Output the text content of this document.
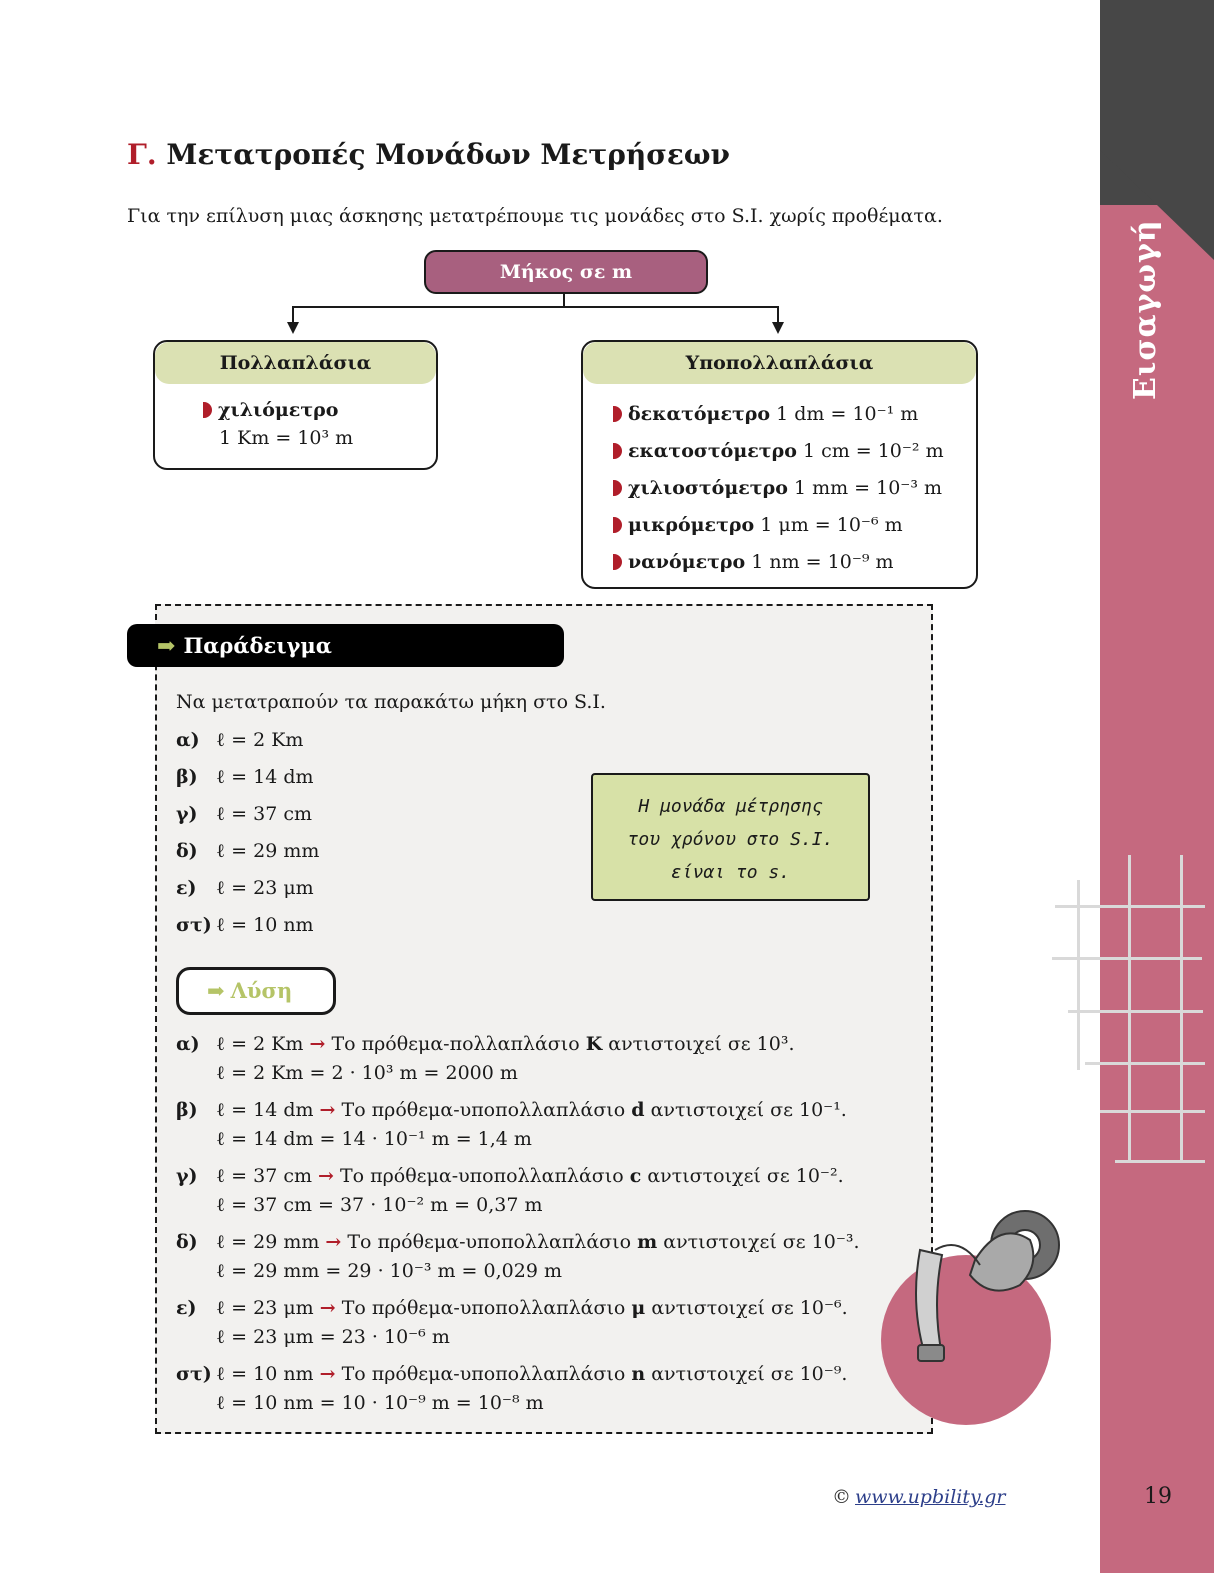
Εισαγωγή
19
Γ. Μετατροπές Μονάδων Μετρήσεων
Για την επίλυση μιας άσκησης μετατρέπουμε τις μονάδες στο S.I. χωρίς προθέματα.
Μήκος σε m
Πολλαπλάσια
χιλιόμετρο
1 Km = 10³ m
Υποπολλαπλάσια
δεκατόμετρο 1 dm = 10⁻¹ m
εκατοστόμετρο 1 cm = 10⁻² m
χιλιοστόμετρο 1 mm = 10⁻³ m
μικρόμετρο 1 μm = 10⁻⁶ m
νανόμετρο 1 nm = 10⁻⁹ m
➡ Παράδειγμα
Να μετατραπούν τα παρακάτω μήκη στο S.I.
α) ℓ = 2 Km
β) ℓ = 14 dm
γ) ℓ = 37 cm
δ) ℓ = 29 mm
ε) ℓ = 23 μm
στ) ℓ = 10 nm
Η μονάδα μέτρησης
του χρόνου στο S.I.
είναι το s.
➡ Λύση
α) ℓ = 2 Km → Το πρόθεμα-πολλαπλάσιο K αντιστοιχεί σε 10³.
ℓ = 2 Km = 2 · 10³ m = 2000 m
β) ℓ = 14 dm → Το πρόθεμα-υποπολλαπλάσιο d αντιστοιχεί σε 10⁻¹.
ℓ = 14 dm = 14 · 10⁻¹ m = 1,4 m
γ) ℓ = 37 cm → Το πρόθεμα-υποπολλαπλάσιο c αντιστοιχεί σε 10⁻².
ℓ = 37 cm = 37 · 10⁻² m = 0,37 m
δ) ℓ = 29 mm → Το πρόθεμα-υποπολλαπλάσιο m αντιστοιχεί σε 10⁻³.
ℓ = 29 mm = 29 · 10⁻³ m = 0,029 m
ε) ℓ = 23 μm → Το πρόθεμα-υποπολλαπλάσιο μ αντιστοιχεί σε 10⁻⁶.
ℓ = 23 μm = 23 · 10⁻⁶ m
στ) ℓ = 10 nm → Το πρόθεμα-υποπολλαπλάσιο n αντιστοιχεί σε 10⁻⁹.
ℓ = 10 nm = 10 · 10⁻⁹ m = 10⁻⁸ m
© www.upbility.gr
